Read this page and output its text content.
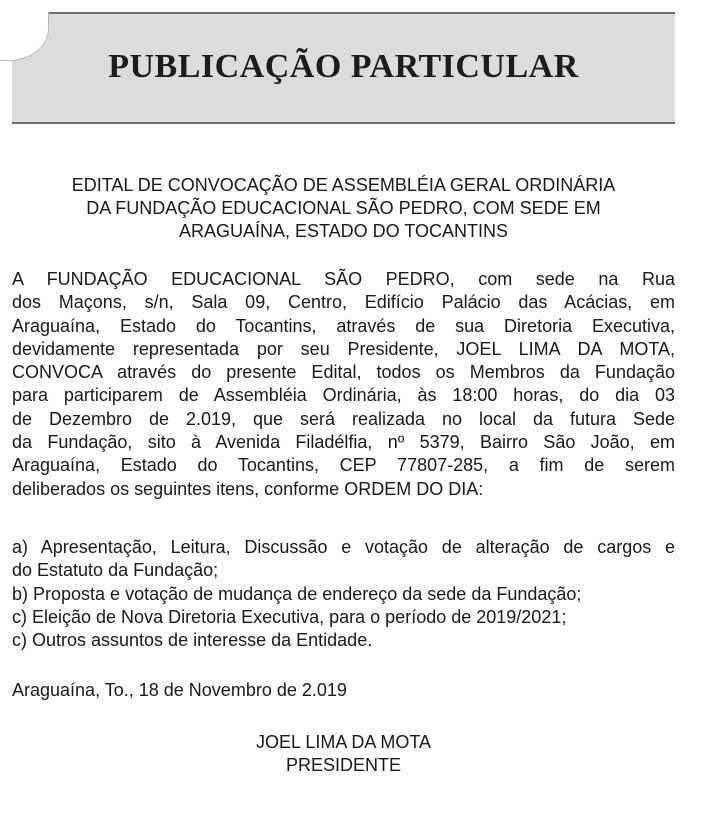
PUBLICAÇÃO PARTICULAR

EDITAL DE CONVOCAÇÃO DE ASSEMBLÉIA GERAL ORDINÁRIA
DA FUNDAÇÃO EDUCACIONAL SÃO PEDRO, COM SEDE EM
ARAGUAÍNA, ESTADO DO TOCANTINS

A FUNDAÇÃO EDUCACIONAL SÃO PEDRO, com sede na Rua
dos Maçons, s/n, Sala 09, Centro, Edifício Palácio das Acácias, em
Araguaína, Estado do Tocantins, através de sua Diretoria Executiva,
devidamente representada por seu Presidente, JOEL LIMA DA MOTA,
CONVOCA através do presente Edital, todos os Membros da Fundação
para participarem de Assembléia Ordinária, às 18:00 horas, do dia 03
de Dezembro de 2.019, que será realizada no local da futura Sede
da Fundação, sito à Avenida Filadélfia, nº 5379, Bairro São João, em
Araguaína, Estado do Tocantins, CEP 77807-285, a fim de serem
deliberados os seguintes itens, conforme ORDEM DO DIA:

a) Apresentação, Leitura, Discussão e votação de alteração de cargos e
do Estatuto da Fundação;
b) Proposta e votação de mudança de endereço da sede da Fundação;
c) Eleição de Nova Diretoria Executiva, para o período de 2019/2021;
c) Outros assuntos de interesse da Entidade.

Araguaína, To., 18 de Novembro de 2.019

JOEL LIMA DA MOTA
PRESIDENTE
